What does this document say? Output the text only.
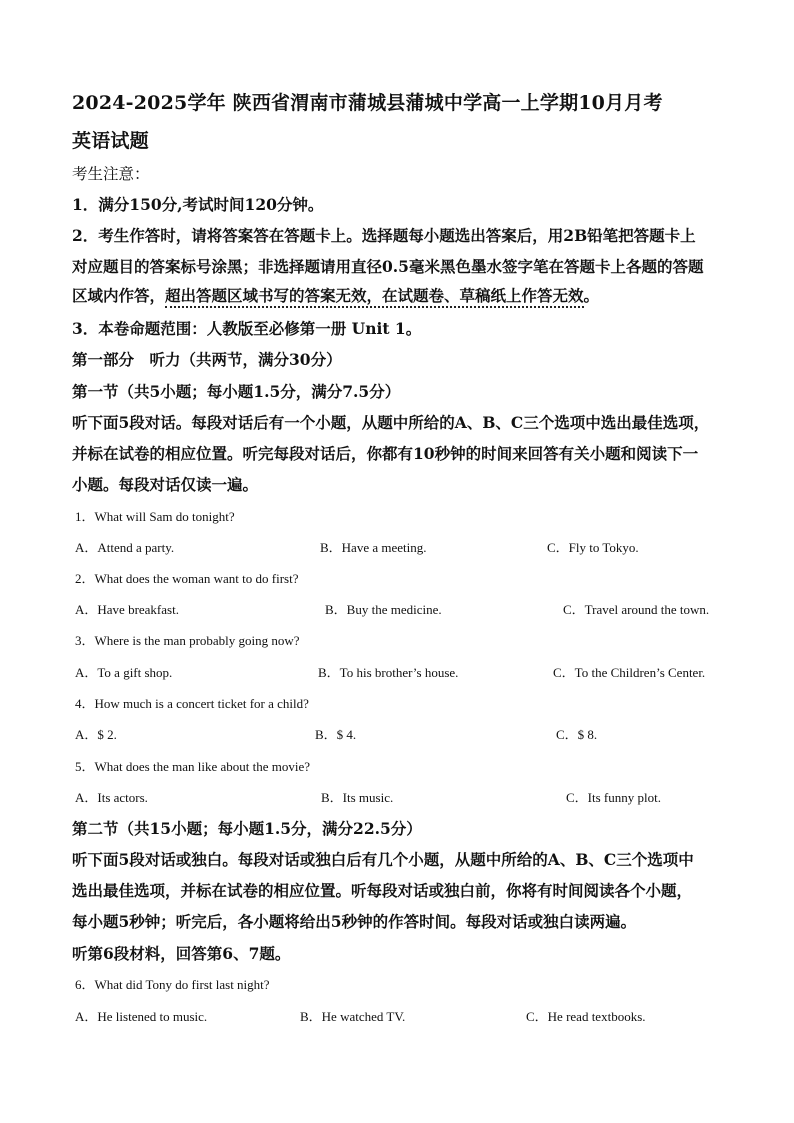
2024-2025学年 陕西省渭南市蒲城县蒲城中学高一上学期10月月考
英语试题
考生注意：
1．满分150分,考试时间120分钟。
2．考生作答时，请将答案答在答题卡上。选择题每小题选出答案后，用2B铅笔把答题卡上
对应题目的答案标号涂黑；非选择题请用直径0.5毫米黑色墨水签字笔在答题卡上各题的答题
区域内作答，超出答题区域书写的答案无效，在试题卷、草稿纸上作答无效。
3．本卷命题范围：人教版至必修第一册 Unit 1。
第一部分　听力（共两节，满分30分）
第一节（共5小题；每小题1.5分，满分7.5分）
听下面5段对话。每段对话后有一个小题，从题中所给的A、B、C三个选项中选出最佳选项，
并标在试卷的相应位置。听完每段对话后，你都有10秒钟的时间来回答有关小题和阅读下一
小题。每段对话仅读一遍。
1．What will Sam do tonight?
A．Attend a party.	B．Have a meeting.	C．Fly to Tokyo.
2．What does the woman want to do first?
A．Have breakfast.	B．Buy the medicine.	C．Travel around the town.
3．Where is the man probably going now?
A．To a gift shop.	B．To his brother’s house.	C．To the Children’s Center.
4．How much is a concert ticket for a child?
A．$ 2.	B．$ 4.	C．$ 8.
5．What does the man like about the movie?
A．Its actors.	B．Its music.	C．Its funny plot.
第二节（共15小题；每小题1.5分，满分22.5分）
听下面5段对话或独白。每段对话或独白后有几个小题，从题中所给的A、B、C三个选项中
选出最佳选项，并标在试卷的相应位置。听每段对话或独白前，你将有时间阅读各个小题，
每小题5秒钟；听完后，各小题将给出5秒钟的作答时间。每段对话或独白读两遍。
听第6段材料，回答第6、7题。
6．What did Tony do first last night?
A．He listened to music.	B．He watched TV.	C．He read textbooks.
